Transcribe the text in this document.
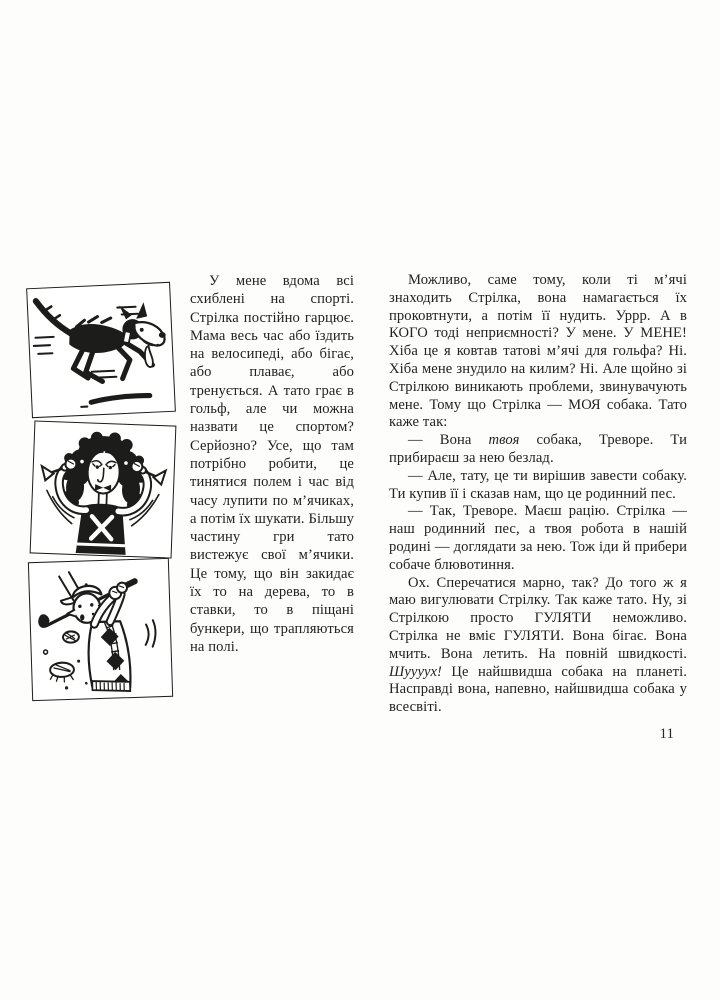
У мене вдома всі схиблені на спорті. Стрілка постійно гарцює. Мама весь час або їздить на велосипеді, або бігає, або плаває, або тренується. А тато грає в гольф, але чи можна назвати це спортом? Серйозно? Усе, що там потрібно робити, це тинятися полем і час від часу лупити по м’ячиках, а потім їх шукати. Більшу частину гри тато вистежує свої м’ячики. Це тому, що він закидає їх то на дерева, то в ставки, то в піщані бункери, що трапляються на полі.

Можливо, саме тому, коли ті м’ячі знаходить Стрілка, вона намагається їх проковтнути, а потім її нудить. Уррр. А в КОГО тоді неприємності? У мене. У МЕНЕ! Хіба це я ковтав татові м’ячі для гольфа? Ні. Хіба мене знудило на килим? Ні. Але щойно зі Стрілкою виникають проблеми, звинувачують мене. Тому що Стрілка — МОЯ собака. Тато каже так:

— Вона твоя собака, Треворе. Ти прибираєш за нею безлад.

— Але, тату, це ти вирішив завести собаку. Ти купив її і сказав нам, що це родинний пес.

— Так, Треворе. Маєш рацію. Стрілка — наш родинний пес, а твоя робота в нашій родині — доглядати за нею. Тож іди й прибери собаче блювотиння.

Ох. Сперечатися марно, так? До того ж я маю вигулювати Стрілку. Так каже тато. Ну, зі Стрілкою просто ГУЛЯТИ неможливо. Стрілка не вміє ГУЛЯТИ. Вона бігає. Вона мчить. Вона летить. На повній швидкості. Шуууух! Це найшвидша собака на планеті. Насправді вона, напевно, найшвидша собака у всесвіті.

11
